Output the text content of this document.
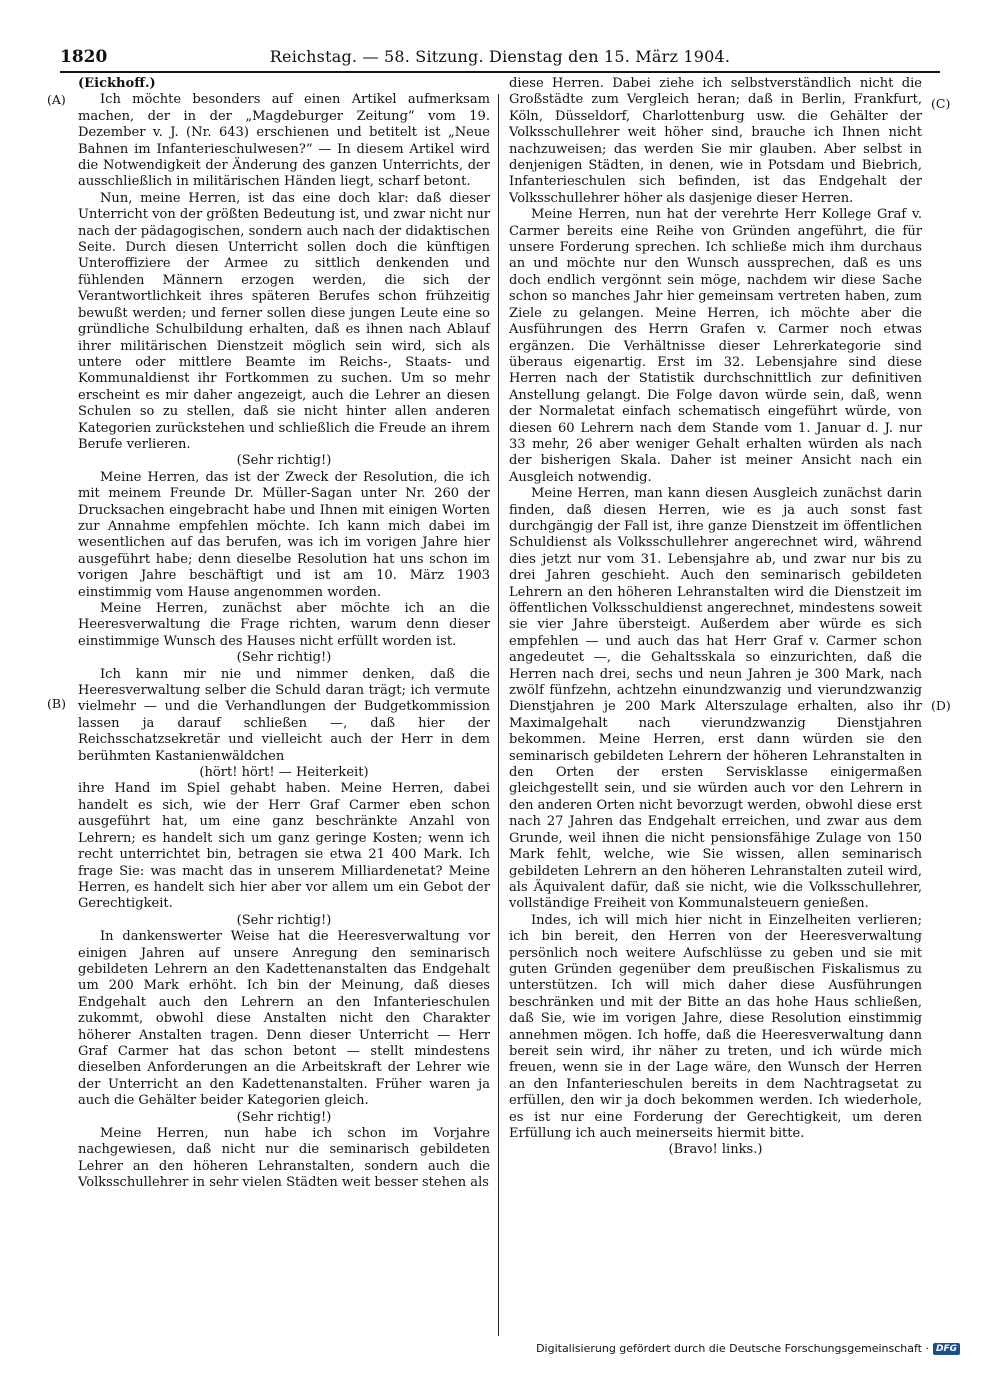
1820	Reichstag. — 58. Sitzung. Dienstag den 15. März 1904.
(A)
(B)
(C)
(D)

(Eickhoff.)

Ich möchte besonders auf einen Artikel aufmerksam machen, der in der „Magdeburger Zeitung“ vom 19. Dezember v. J. (Nr. 643) erschienen und betitelt ist „Neue Bahnen im Infanterieschulwesen?“ — In diesem Artikel wird die Notwendigkeit der Änderung des ganzen Unterrichts, der ausschließlich in militärischen Händen liegt, scharf betont.

Nun, meine Herren, ist das eine doch klar: daß dieser Unterricht von der größten Bedeutung ist, und zwar nicht nur nach der pädagogischen, sondern auch nach der didaktischen Seite. Durch diesen Unterricht sollen doch die künftigen Unteroffiziere der Armee zu sittlich denkenden und fühlenden Männern erzogen werden, die sich der Verantwortlichkeit ihres späteren Berufes schon frühzeitig bewußt werden; und ferner sollen diese jungen Leute eine so gründliche Schulbildung erhalten, daß es ihnen nach Ablauf ihrer militärischen Dienstzeit möglich sein wird, sich als untere oder mittlere Beamte im Reichs-, Staats- und Kommunaldienst ihr Fortkommen zu suchen. Um so mehr erscheint es mir daher angezeigt, auch die Lehrer an diesen Schulen so zu stellen, daß sie nicht hinter allen anderen Kategorien zurückstehen und schließlich die Freude an ihrem Berufe verlieren.

(Sehr richtig!)

Meine Herren, das ist der Zweck der Resolution, die ich mit meinem Freunde Dr. Müller-Sagan unter Nr. 260 der Drucksachen eingebracht habe und Ihnen mit einigen Worten zur Annahme empfehlen möchte. Ich kann mich dabei im wesentlichen auf das berufen, was ich im vorigen Jahre hier ausgeführt habe; denn dieselbe Resolution hat uns schon im vorigen Jahre beschäftigt und ist am 10. März 1903 einstimmig vom Hause angenommen worden.

Meine Herren, zunächst aber möchte ich an die Heeresverwaltung die Frage richten, warum denn dieser einstimmige Wunsch des Hauses nicht erfüllt worden ist.

(Sehr richtig!)

Ich kann mir nie und nimmer denken, daß die Heeresverwaltung selber die Schuld daran trägt; ich vermute vielmehr — und die Verhandlungen der Budgetkommission lassen ja darauf schließen —, daß hier der Reichsschatzsekretär und vielleicht auch der Herr in dem berühmten Kastanienwäldchen

(hört! hört! — Heiterkeit)

ihre Hand im Spiel gehabt haben. Meine Herren, dabei handelt es sich, wie der Herr Graf Carmer eben schon ausgeführt hat, um eine ganz beschränkte Anzahl von Lehrern; es handelt sich um ganz geringe Kosten; wenn ich recht unterrichtet bin, betragen sie etwa 21 400 Mark. Ich frage Sie: was macht das in unserem Milliardenetat? Meine Herren, es handelt sich hier aber vor allem um ein Gebot der Gerechtigkeit.

(Sehr richtig!)

In dankenswerter Weise hat die Heeresverwaltung vor einigen Jahren auf unsere Anregung den seminarisch gebildeten Lehrern an den Kadettenanstalten das Endgehalt um 200 Mark erhöht. Ich bin der Meinung, daß dieses Endgehalt auch den Lehrern an den Infanterieschulen zukommt, obwohl diese Anstalten nicht den Charakter höherer Anstalten tragen. Denn dieser Unterricht — Herr Graf Carmer hat das schon betont — stellt mindestens dieselben Anforderungen an die Arbeitskraft der Lehrer wie der Unterricht an den Kadettenanstalten. Früher waren ja auch die Gehälter beider Kategorien gleich.

(Sehr richtig!)

Meine Herren, nun habe ich schon im Vorjahre nachgewiesen, daß nicht nur die seminarisch gebildeten Lehrer an den höheren Lehranstalten, sondern auch die Volksschullehrer in sehr vielen Städten weit besser stehen als

diese Herren. Dabei ziehe ich selbstverständlich nicht die Großstädte zum Vergleich heran; daß in Berlin, Frankfurt, Köln, Düsseldorf, Charlottenburg usw. die Gehälter der Volksschullehrer weit höher sind, brauche ich Ihnen nicht nachzuweisen; das werden Sie mir glauben. Aber selbst in denjenigen Städten, in denen, wie in Potsdam und Biebrich, Infanterieschulen sich befinden, ist das Endgehalt der Volksschullehrer höher als dasjenige dieser Herren.

Meine Herren, nun hat der verehrte Herr Kollege Graf v. Carmer bereits eine Reihe von Gründen angeführt, die für unsere Forderung sprechen. Ich schließe mich ihm durchaus an und möchte nur den Wunsch aussprechen, daß es uns doch endlich vergönnt sein möge, nachdem wir diese Sache schon so manches Jahr hier gemeinsam vertreten haben, zum Ziele zu gelangen. Meine Herren, ich möchte aber die Ausführungen des Herrn Grafen v. Carmer noch etwas ergänzen. Die Verhältnisse dieser Lehrerkategorie sind überaus eigenartig. Erst im 32. Lebensjahre sind diese Herren nach der Statistik durchschnittlich zur definitiven Anstellung gelangt. Die Folge davon würde sein, daß, wenn der Normaletat einfach schematisch eingeführt würde, von diesen 60 Lehrern nach dem Stande vom 1. Januar d. J. nur 33 mehr, 26 aber weniger Gehalt erhalten würden als nach der bisherigen Skala. Daher ist meiner Ansicht nach ein Ausgleich notwendig.

Meine Herren, man kann diesen Ausgleich zunächst darin finden, daß diesen Herren, wie es ja auch sonst fast durchgängig der Fall ist, ihre ganze Dienstzeit im öffentlichen Schuldienst als Volksschullehrer angerechnet wird, während dies jetzt nur vom 31. Lebensjahre ab, und zwar nur bis zu drei Jahren geschieht. Auch den seminarisch gebildeten Lehrern an den höheren Lehranstalten wird die Dienstzeit im öffentlichen Volksschuldienst angerechnet, mindestens soweit sie vier Jahre übersteigt. Außerdem aber würde es sich empfehlen — und auch das hat Herr Graf v. Carmer schon angedeutet —, die Gehaltsskala so einzurichten, daß die Herren nach drei, sechs und neun Jahren je 300 Mark, nach zwölf fünfzehn, achtzehn einundzwanzig und vierundzwanzig Dienstjahren je 200 Mark Alterszulage erhalten, also ihr Maximalgehalt nach vierundzwanzig Dienstjahren bekommen. Meine Herren, erst dann würden sie den seminarisch gebildeten Lehrern der höheren Lehranstalten in den Orten der ersten Servisklasse einigermaßen gleichgestellt sein, und sie würden auch vor den Lehrern in den anderen Orten nicht bevorzugt werden, obwohl diese erst nach 27 Jahren das Endgehalt erreichen, und zwar aus dem Grunde, weil ihnen die nicht pensionsfähige Zulage von 150 Mark fehlt, welche, wie Sie wissen, allen seminarisch gebildeten Lehrern an den höheren Lehranstalten zuteil wird, als Äquivalent dafür, daß sie nicht, wie die Volksschullehrer, vollständige Freiheit von Kommunalsteuern genießen.

Indes, ich will mich hier nicht in Einzelheiten verlieren; ich bin bereit, den Herren von der Heeresverwaltung persönlich noch weitere Aufschlüsse zu geben und sie mit guten Gründen gegenüber dem preußischen Fiskalismus zu unterstützen. Ich will mich daher diese Ausführungen beschränken und mit der Bitte an das hohe Haus schließen, daß Sie, wie im vorigen Jahre, diese Resolution einstimmig annehmen mögen. Ich hoffe, daß die Heeresverwaltung dann bereit sein wird, ihr näher zu treten, und ich würde mich freuen, wenn sie in der Lage wäre, den Wunsch der Herren an den Infanterieschulen bereits in dem Nachtragsetat zu erfüllen, den wir ja doch bekommen werden. Ich wiederhole, es ist nur eine Forderung der Gerechtigkeit, um deren Erfüllung ich auch meinerseits hiermit bitte.

(Bravo! links.)

Digitalisierung gefördert durch die Deutsche Forschungsgemeinschaft · DFG
